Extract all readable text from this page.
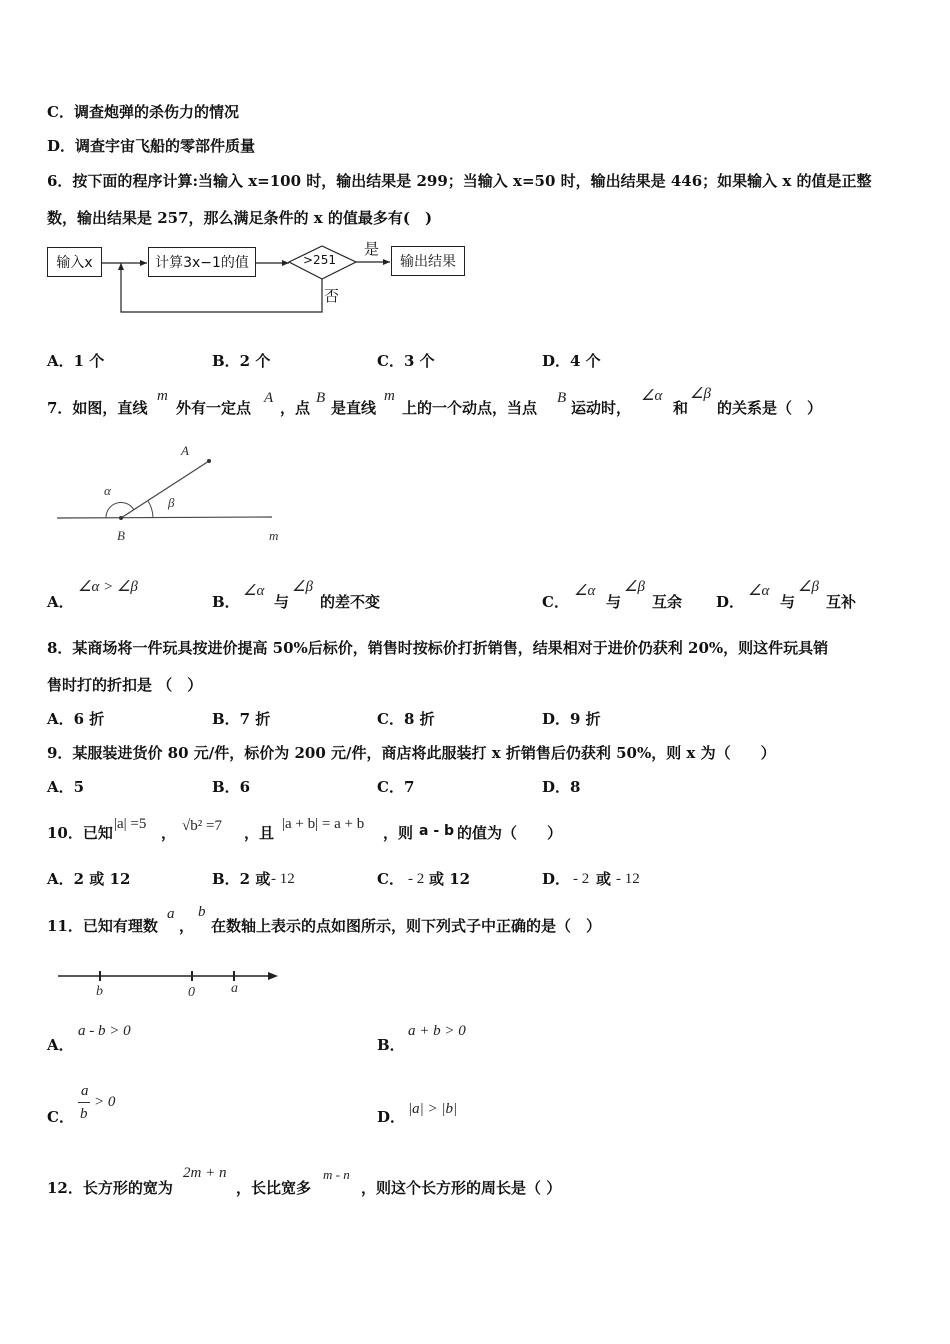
C．调查炮弹的杀伤力的情况
D．调查宇宙飞船的零部件质量
6．按下面的程序计算:当输入 x=100 时，输出结果是 299；当输入 x=50 时，输出结果是 446；如果输入 x 的值是正整
数，输出结果是 257，那么满足条件的 x 的值最多有(　)
输入x	计算3x−1的值	>251
是
否
输出结果
A．1 个	B．2 个	C．3 个	D．4 个
7．如图，直线
m
外有一定点
A
，点
B
是直线
m
上的一个动点，当点
B
运动时，
∠α
和
∠β
的关系是（　）
A
α
β
B	m
A．
∠α > ∠β
B．
∠α
与
∠β
的差不变	C．
∠α
与
∠β
互余 D．
∠α
与
∠β
互补
8．某商场将一件玩具按进价提高 50%后标价，销售时按标价打折销售，结果相对于进价仍获利 20%，则这件玩具销
售时打的折扣是 （　）
A．6 折	B．7 折	C．8 折	D．9 折
9．某服装进货价 80 元/件，标价为 200 元/件，商店将此服装打 x 折销售后仍获利 50%，则 x 为（　　）
A．5	B．6	C．7	D．8
10．已知 |a| =5 ， √b² =7 ，且 |a + b| = a + b ，则 a - b 的值为（　　）
A．2 或 12	B．2 或 - 12	C． - 2 或 12	D． - 2 或 - 12
11．已知有理数
a
，
b
在数轴上表示的点如图所示，则下列式子中正确的是（　）
b	0	a
A．
a - b > 0
B．
a + b > 0
C．
a
b
> 0
D． |a| > |b|
12．长方形的宽为
2m + n
，长比宽多
m - n
，则这个长方形的周长是（ ）
